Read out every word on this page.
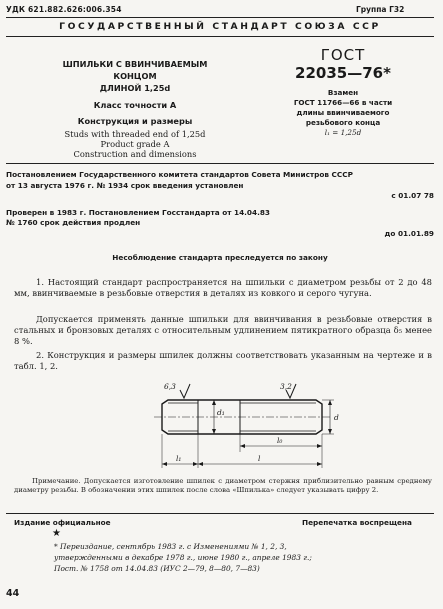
УДК 621.882.626:006.354	Группа Г32
ГОСУДАРСТВЕННЫЙ СТАНДАРТ СОЮЗА ССР
ШПИЛЬКИ С ВВИНЧИВАЕМЫМ КОНЦОМ
ДЛИНОЙ 1,25d
Класс точности А
Конструкция и размеры
Studs with threaded end of 1,25d
Product grade A
Construction and dimensions
ГОСТ
22035—76*
Взамен
ГОСТ 11766—66 в части
длины ввинчиваемого
резьбового конца
l₁ = 1,25d
Постановлением Государственного комитета стандартов Совета Министров СССР
от 13 августа 1976 г. № 1934 срок введения установлен
с 01.07 78
Проверен в 1983 г. Постановлением Госстандарта от 14.04.83
№ 1760 срок действия продлен
до 01.01.89
Несоблюдение стандарта преследуется по закону
1. Настоящий стандарт распространяется на шпильки с диаметром резьбы от 2 до 48 мм, ввинчиваемые в резьбовые отверстия в деталях из ковкого и серого чугуна.
Допускается применять данные шпильки для ввинчивания в резьбовые отверстия в стальных и бронзовых деталях с относительным удлинением пятикратного образца δ₅ менее 8 %.
2. Конструкция и размеры шпилек должны соответствовать указанным на чертеже и в табл. 1, 2.
6,3	3,2
d₁
d
l₀
l₁	l
Примечание. Допускается изготовление шпилек с диаметром стержня приблизительно равным среднему диаметру резьбы. В обозначении этих шпилек после слова «Шпилька» следует указывать цифру 2.
Издание официальное	Перепечатка воспрещена
★
* Переиздание, сентябрь 1983 г. с Изменениями № 1, 2, 3,
утвержденными в декабре 1978 г., июне 1980 г., апреле 1983 г.;
Пост. № 1758 от 14.04.83 (ИУС 2—79, 8—80, 7—83)
44
